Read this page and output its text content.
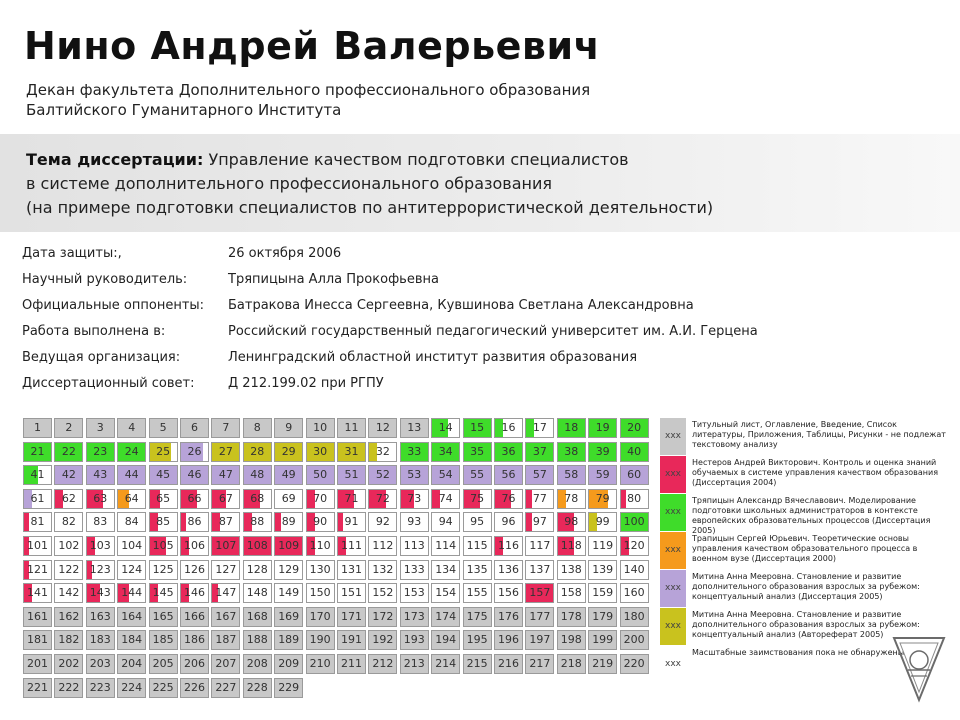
Нино Андрей Валерьевич
Декан факультета Дополнительного профессионального образования
Балтийского Гуманитарного Института
Тема диссертации: Управление качеством подготовки специалистов
в системе дополнительного профессионального образования
(на примере подготовки специалистов по антитеррористической деятельности)
Дата защиты:,	26 октября 2006
Научный руководитель:	Тряпицына Алла Прокофьевна
Официальные оппоненты: Батракова Инесса Сергеевна, Кувшинова Светлана Александровна
Работа выполнена в:	Российский государственный педагогический университет им. А.И. Герцена
Ведущая организация:	Ленинградский областной институт развития образования
Диссертационный совет:	Д 212.199.02 при РГПУ
1	2	3	4	5	6	7	8	9	10	11	12	13	14	15	16	17	18	19	20
21	22	23	24	25	26	27	28	29	30	31	32	33	34	35	36	37	38	39	40
41	42	43	44	45	46	47	48	49	50	51	52	53	54	55	56	57	58	59	60
61	62	63	64	65	66	67	68	69	70	71	72	73	74	75	76	77	78	79	80
81	82	83	84	85	86	87	88	89	90	91	92	93	94	95	96	97	98	99	100
101 102 103 104 105 106 107 108 109 110 111 112 113 114 115 116 117 118 119 120
121 122 123 124 125 126 127 128 129 130 131 132 133 134 135 136 137 138 139 140
141 142 143 144 145 146 147 148 149 150 151 152 153 154 155 156 157 158 159 160
161 162 163 164 165 166 167 168 169 170 171 172 173 174 175 176 177 178 179 180
181 182 183 184 185 186 187 188 189 190 191 192 193 194 195 196 197 198 199 200
201 202 203 204 205 206 207 208 209 210 211 212 213 214 215 216 217 218 219 220
221 222 223 224 225 226 227 228 229
xxx
Титульный лист, Оглавление, Введение, Список литературы, Приложения, Таблицы, Рисунки - не подлежат текстовому анализу
xxx
Нестеров Андрей Викторович. Контроль и оценка знаний обучаемых в системе управления качеством образования (Диссертация 2004)
xxx
Тряпицын Александр Вячеславович. Моделирование подготовки школьных администраторов в контексте европейских образовательных процессов (Диссертация 2005)
xxx
Трапицын Сергей Юрьевич. Теоретические основы управления качеством образовательного процесса в военном вузе (Диссертация 2000)
xxx
Митина Анна Мееровна. Становление и развитие дополнительного образования взрослых за рубежом: концептуальный анализ (Диссертация 2005)
xxx
Митина Анна Мееровна. Становление и развитие дополнительного образования взрослых за рубежом: концептуальный анализ (Автореферат 2005)
xxx
Масштабные заимствования пока не обнаружены
